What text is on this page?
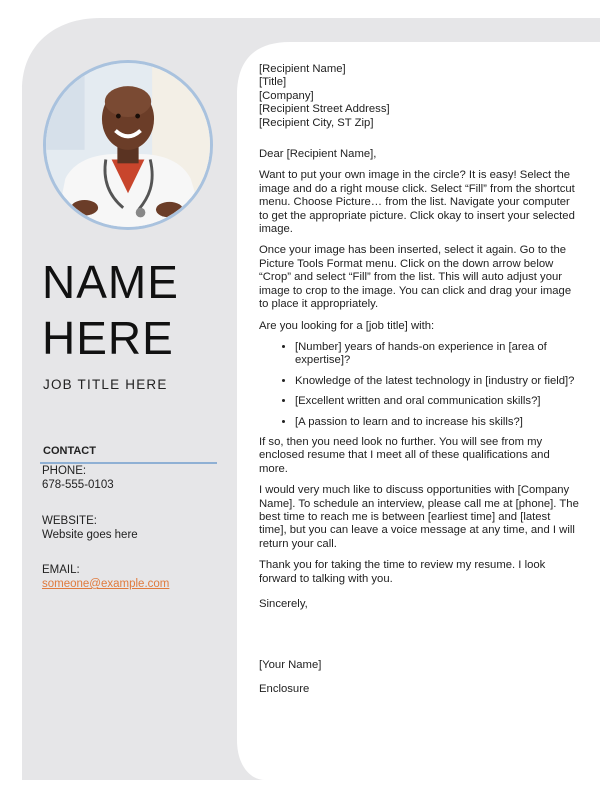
NAME
HERE
JOB TITLE HERE
CONTACT
PHONE:
678-555-0103
WEBSITE:
Website goes here
EMAIL:
someone@example.com

[Recipient Name]
[Title]
[Company]
[Recipient Street Address]
[Recipient City, ST Zip]

Dear [Recipient Name],

Want to put your own image in the circle? It is easy! Select the image and do a right mouse click. Select “Fill” from the shortcut menu. Choose Picture… from the list. Navigate your computer to get the appropriate picture. Click okay to insert your selected image.

Once your image has been inserted, select it again. Go to the Picture Tools Format menu. Click on the down arrow below “Crop” and select “Fill” from the list. This will auto adjust your image to crop to the image. You can click and drag your image to place it appropriately.

Are you looking for a [job title] with:

• [Number] years of hands-on experience in [area of expertise]?
• Knowledge of the latest technology in [industry or field]?
• [Excellent written and oral communication skills?]
• [A passion to learn and to increase his skills?]

If so, then you need look no further. You will see from my enclosed resume that I meet all of these qualifications and more.

I would very much like to discuss opportunities with [Company Name]. To schedule an interview, please call me at [phone]. The best time to reach me is between [earliest time] and [latest time], but you can leave a voice message at any time, and I will return your call.

Thank you for taking the time to review my resume. I look forward to talking with you.

Sincerely,

[Your Name]

Enclosure
